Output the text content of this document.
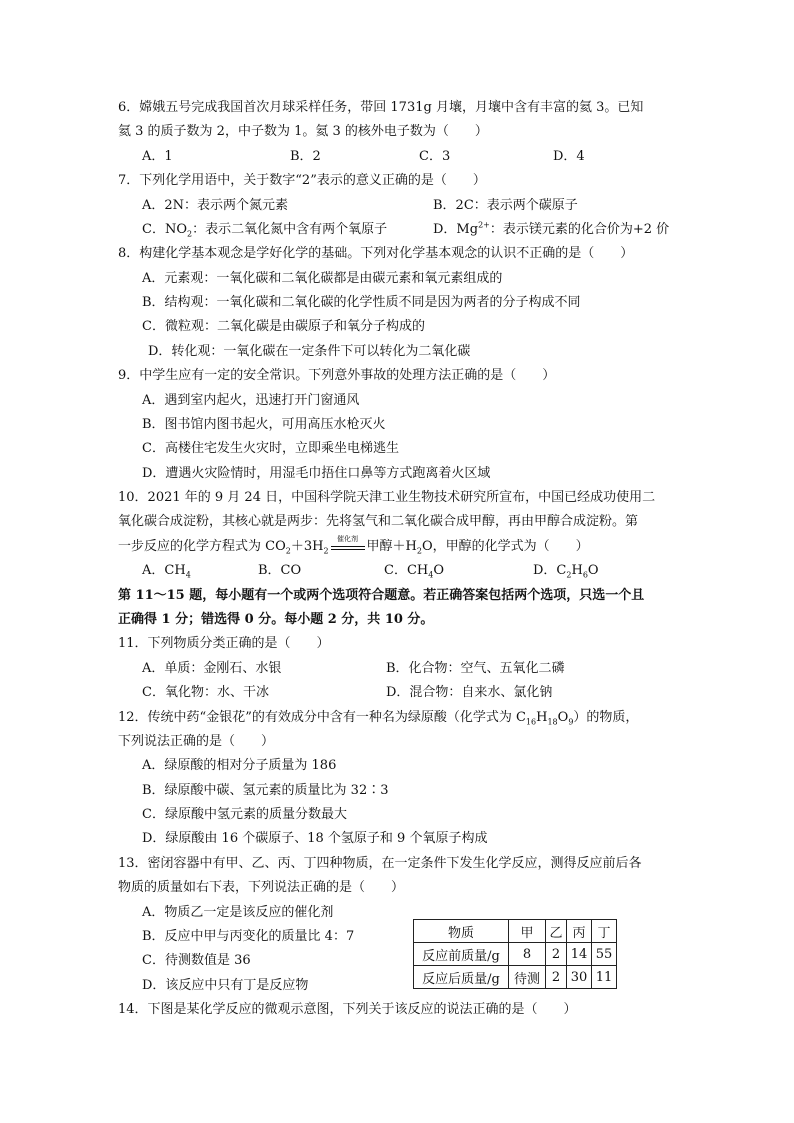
6．嫦娥五号完成我国首次月球采样任务，带回 1731g 月壤，月壤中含有丰富的氦 3。已知
氦 3 的质子数为 2，中子数为 1。氦 3 的核外电子数为（　　）
A．1	B．2	C．3	D．4
7．下列化学用语中，关于数字“2”表示的意义正确的是（　　）
A．2N：表示两个氮元素	B．2C：表示两个碳原子
C．$NO_2$：表示二氧化氮中含有两个氧原子	D．$Mg^{2+}$：表示镁元素的化合价为+2 价
8．构建化学基本观念是学好化学的基础。下列对化学基本观念的认识不正确的是（　　）
A．元素观：一氧化碳和二氧化碳都是由碳元素和氧元素组成的
B．结构观：一氧化碳和二氧化碳的化学性质不同是因为两者的分子构成不同
C．微粒观：二氧化碳是由碳原子和氧分子构成的
D．转化观：一氧化碳在一定条件下可以转化为二氧化碳
9．中学生应有一定的安全常识。下列意外事故的处理方法正确的是（　　）
A．遇到室内起火，迅速打开门窗通风
B．图书馆内图书起火，可用高压水枪灭火
C．高楼住宅发生火灾时，立即乘坐电梯逃生
D．遭遇火灾险情时，用湿毛巾捂住口鼻等方式跑离着火区域
10．2021 年的 9 月 24 日，中国科学院天津工业生物技术研究所宣布，中国已经成功使用二
氧化碳合成淀粉，其核心就是两步：先将氢气和二氧化碳合成甲醇，再由甲醇合成淀粉。第
一步反应的化学方程式为 $CO_2+3H_2$
催化剂
甲醇$+H_2O$，甲醇的化学式为（　　）
A．$CH_4$	B．CO	C．$CH_4O$	D．$C_2H_6O$
第 11～15 题，每小题有一个或两个选项符合题意。若正确答案包括两个选项，只选一个且
正确得 1 分；错选得 0 分。每小题 2 分，共 10 分。
11．下列物质分类正确的是（　　）
A．单质：金刚石、水银	B．化合物：空气、五氧化二磷
C．氧化物：水、干冰	D．混合物：自来水、氯化钠
12．传统中药“金银花”的有效成分中含有一种名为绿原酸（化学式为 $C_{16}H_{18}O_9$）的物质，
下列说法正确的是（　　）
A．绿原酸的相对分子质量为 186
B．绿原酸中碳、氢元素的质量比为 32∶3
C．绿原酸中氢元素的质量分数最大
D．绿原酸由 16 个碳原子、18 个氢原子和 9 个氧原子构成
13．密闭容器中有甲、乙、丙、丁四种物质，在一定条件下发生化学反应，测得反应前后各
物质的质量如右下表，下列说法正确的是（　　）
A．物质乙一定是该反应的催化剂
B．反应中甲与丙变化的质量比 4：7
C．待测数值是 36
D．该反应中只有丁是反应物
物质	甲	乙	丙	丁
反应前质量/g	8	2	14	55
反应后质量/g	待测	2	30	11
14．下图是某化学反应的微观示意图，下列关于该反应的说法正确的是（　　）
